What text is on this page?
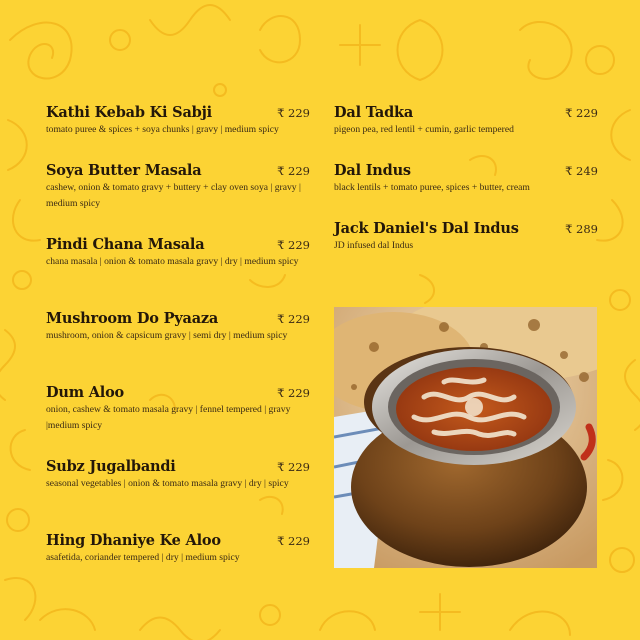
Kathi Kebab Ki Sabji	₹ 229
tomato puree & spices + soya chunks | gravy | medium spicy
Soya Butter Masala	₹ 229
cashew, onion & tomato gravy + buttery + clay oven soya | gravy | medium spicy
Pindi Chana Masala	₹ 229
chana masala | onion & tomato masala gravy | dry | medium spicy
Mushroom Do Pyaaza	₹ 229
mushroom, onion & capsicum gravy | semi dry | medium spicy
Dum Aloo	₹ 229
onion, cashew & tomato masala gravy | fennel tempered | gravy |medium spicy
Subz Jugalbandi	₹ 229
seasonal vegetables | onion & tomato masala gravy | dry | spicy
Hing Dhaniye Ke Aloo	₹ 229
asafetida, coriander tempered | dry | medium spicy
Dal Tadka	₹ 229
pigeon pea, red lentil + cumin, garlic tempered
Dal Indus	₹ 249
black lentils + tomato puree, spices + butter, cream
Jack Daniel's Dal Indus	₹ 289
JD infused dal Indus
